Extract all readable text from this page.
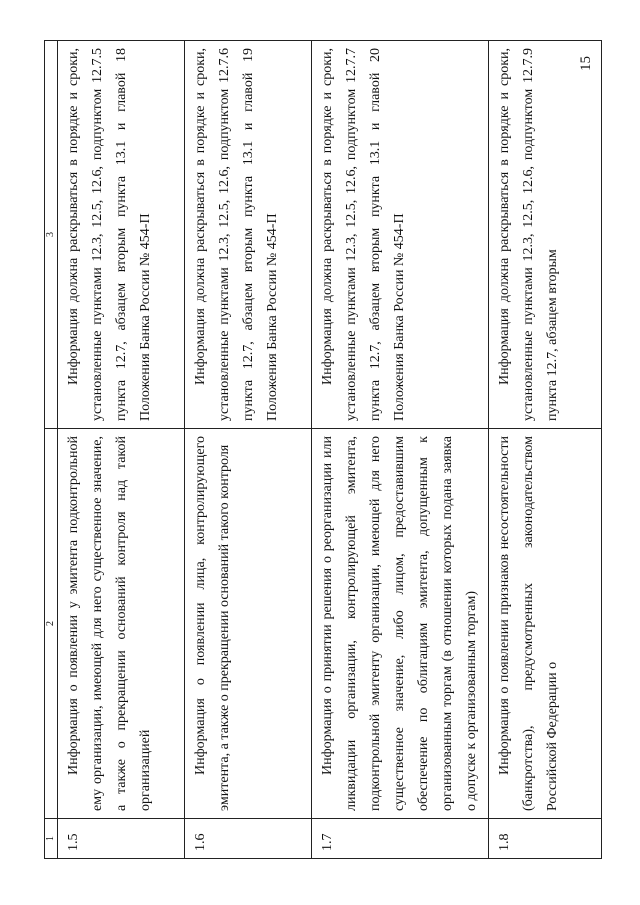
1	2	3
1.5	Информация о появлении у эмитента подконтрольной ему организации, имеющей для него существенное значение, а также о прекращении оснований контроля над такой организацией	Информация должна раскрываться в порядке и сроки, установленные пунктами 12.3, 12.5, 12.6, подпунктом 12.7.5 пункта 12.7, абзацем вторым пункта 13.1 и главой 18 Положения Банка России № 454-П
1.6	Информация о появлении лица, контролирующего эмитента, а также о прекращении оснований такого контроля	Информация должна раскрываться в порядке и сроки, установленные пунктами 12.3, 12.5, 12.6, подпунктом 12.7.6 пункта 12.7, абзацем вторым пункта 13.1 и главой 19 Положения Банка России № 454-П
1.7	Информация о принятии решения о реорганизации или ликвидации организации, контролирующей эмитента, подконтрольной эмитенту организации, имеющей для него существенное значение, либо лицом, предоставившим обеспечение по облигациям эмитента, допущенным к организованным торгам (в отношении которых подана заявка о допуске к организованным торгам)	Информация должна раскрываться в порядке и сроки, установленные пунктами 12.3, 12.5, 12.6, подпунктом 12.7.7 пункта 12.7, абзацем вторым пункта 13.1 и главой 20 Положения Банка России № 454-П
1.8	Информация о появлении признаков несостоятельности (банкротства), предусмотренных законодательством Российской Федерации о	Информация должна раскрываться в порядке и сроки, установленные пунктами 12.3, 12.5, 12.6, подпунктом 12.7.9 пункта 12.7, абзацем вторым
15
